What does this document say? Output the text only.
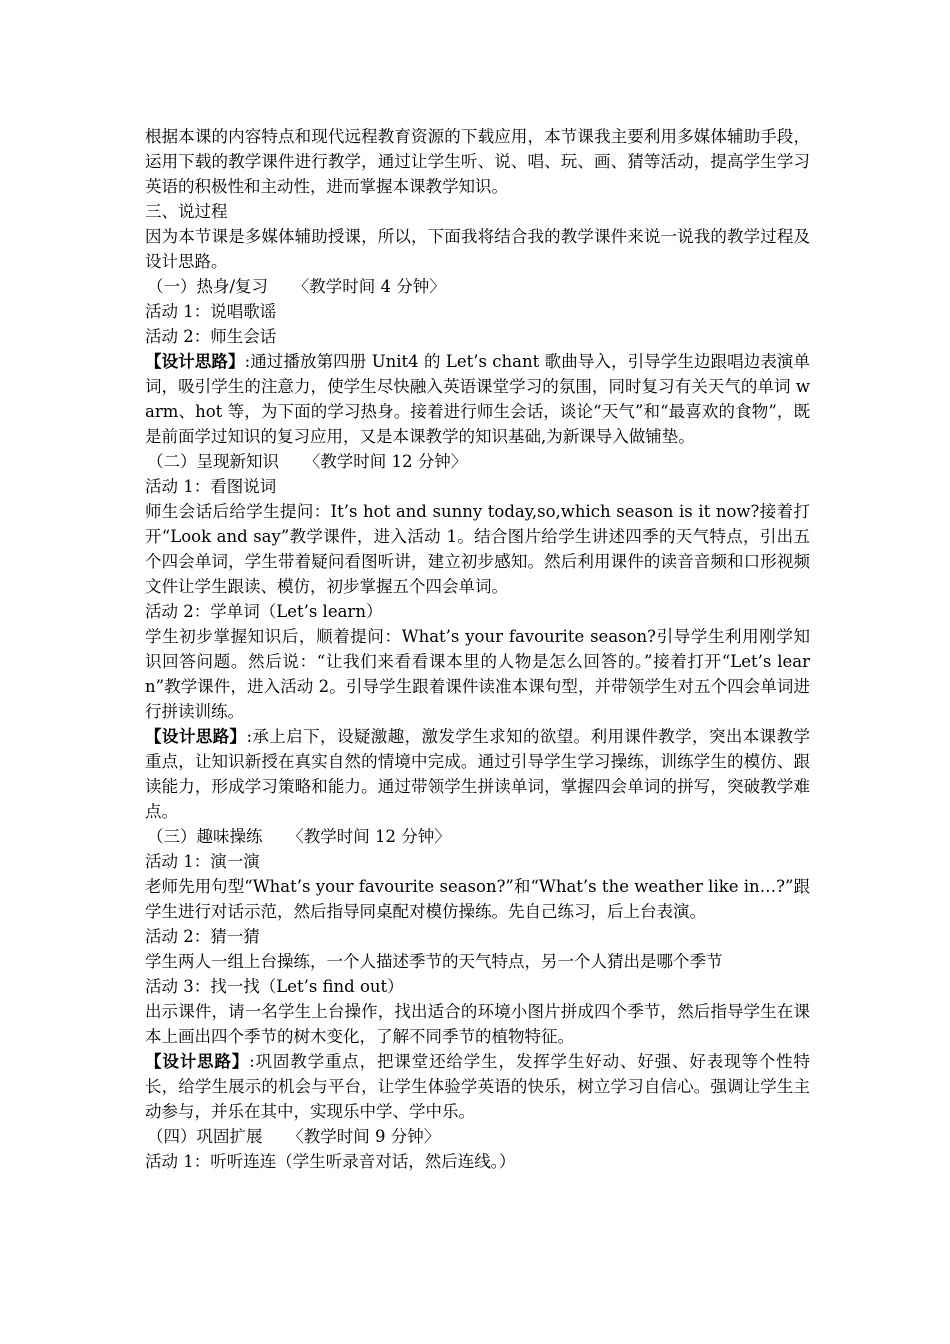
根据本课的内容特点和现代远程教育资源的下载应用，本节课我主要利用多媒体辅助手段，运用下载的教学课件进行教学，通过让学生听、说、唱、玩、画、猜等活动，提高学生学习英语的积极性和主动性，进而掌握本课教学知识。

三、说过程

因为本节课是多媒体辅助授课，所以，下面我将结合我的教学课件来说一说我的教学过程及设计思路。

（一）热身/复习　　〈教学时间 4 分钟〉

活动 1：说唱歌谣

活动 2：师生会话

【设计思路】:通过播放第四册 Unit4 的 Let’s chant 歌曲导入，引导学生边跟唱边表演单词，吸引学生的注意力，使学生尽快融入英语课堂学习的氛围，同时复习有关天气的单词 warm、hot 等，为下面的学习热身。接着进行师生会话，谈论“天气”和“最喜欢的食物”，既是前面学过知识的复习应用，又是本课教学的知识基础,为新课导入做铺垫。

（二）呈现新知识　　〈教学时间 12 分钟〉

活动 1：看图说词

师生会话后给学生提问：It’s hot and sunny today,so,which season is it now?接着打开“Look and say”教学课件，进入活动 1。结合图片给学生讲述四季的天气特点，引出五个四会单词，学生带着疑问看图听讲，建立初步感知。然后利用课件的读音音频和口形视频文件让学生跟读、模仿，初步掌握五个四会单词。

活动 2：学单词（Let’s learn）

学生初步掌握知识后，顺着提问：What’s your favourite season?引导学生利用刚学知识回答问题。然后说：“让我们来看看课本里的人物是怎么回答的。”接着打开“Let’s learn”教学课件，进入活动 2。引导学生跟着课件读准本课句型，并带领学生对五个四会单词进行拼读训练。

【设计思路】:承上启下，设疑激趣，激发学生求知的欲望。利用课件教学，突出本课教学重点，让知识新授在真实自然的情境中完成。通过引导学生学习操练，训练学生的模仿、跟读能力，形成学习策略和能力。通过带领学生拼读单词，掌握四会单词的拼写，突破教学难点。

（三）趣味操练　　〈教学时间 12 分钟〉

活动 1：演一演

老师先用句型“What’s your favourite season?”和“What’s the weather like in…?”跟学生进行对话示范，然后指导同桌配对模仿操练。先自己练习，后上台表演。

活动 2：猜一猜

学生两人一组上台操练，一个人描述季节的天气特点，另一个人猜出是哪个季节

活动 3：找一找（Let’s find out）

出示课件，请一名学生上台操作，找出适合的环境小图片拼成四个季节，然后指导学生在课本上画出四个季节的树木变化，了解不同季节的植物特征。

【设计思路】:巩固教学重点，把课堂还给学生，发挥学生好动、好强、好表现等个性特长，给学生展示的机会与平台，让学生体验学英语的快乐，树立学习自信心。强调让学生主动参与，并乐在其中，实现乐中学、学中乐。

（四）巩固扩展　　〈教学时间 9 分钟〉

活动 1：听听连连（学生听录音对话，然后连线。）
